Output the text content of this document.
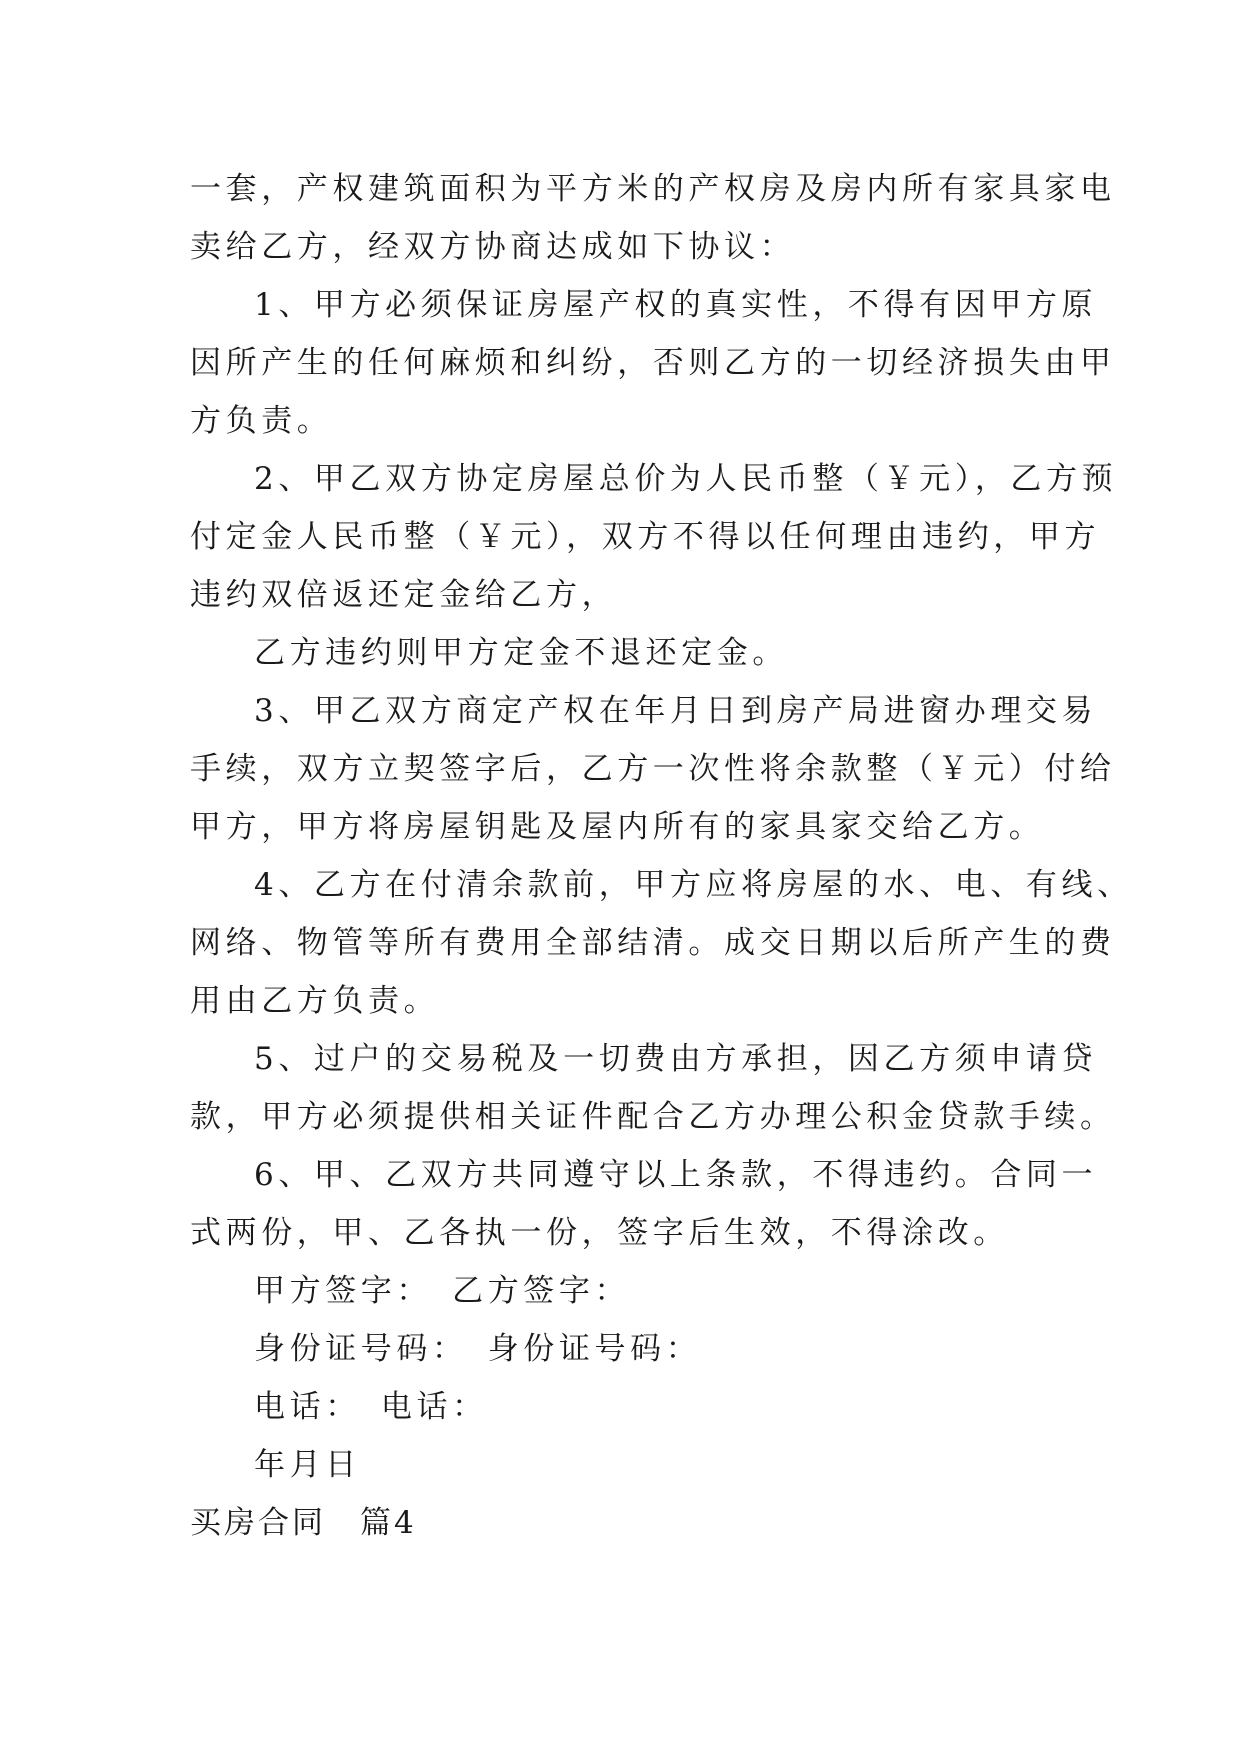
一套，产权建筑面积为平方米的产权房及房内所有家具家电
卖给乙方，经双方协商达成如下协议：
1、甲方必须保证房屋产权的真实性，不得有因甲方原
因所产生的任何麻烦和纠纷，否则乙方的一切经济损失由甲
方负责。
2、甲乙双方协定房屋总价为人民币整（￥元），乙方预
付定金人民币整（￥元），双方不得以任何理由违约，甲方
违约双倍返还定金给乙方，
乙方违约则甲方定金不退还定金。
3、甲乙双方商定产权在年月日到房产局进窗办理交易
手续，双方立契签字后，乙方一次性将余款整（￥元）付给
甲方，甲方将房屋钥匙及屋内所有的家具家交给乙方。
4、乙方在付清余款前，甲方应将房屋的水、电、有线、
网络、物管等所有费用全部结清。成交日期以后所产生的费
用由乙方负责。
5、过户的交易税及一切费由方承担，因乙方须申请贷
款，甲方必须提供相关证件配合乙方办理公积金贷款手续。
6、甲、乙双方共同遵守以上条款，不得违约。合同一
式两份，甲、乙各执一份，签字后生效，不得涂改。
甲方签字：　乙方签字：
身份证号码：　身份证号码：
电话：　电话：
年月日
买房合同　篇4
